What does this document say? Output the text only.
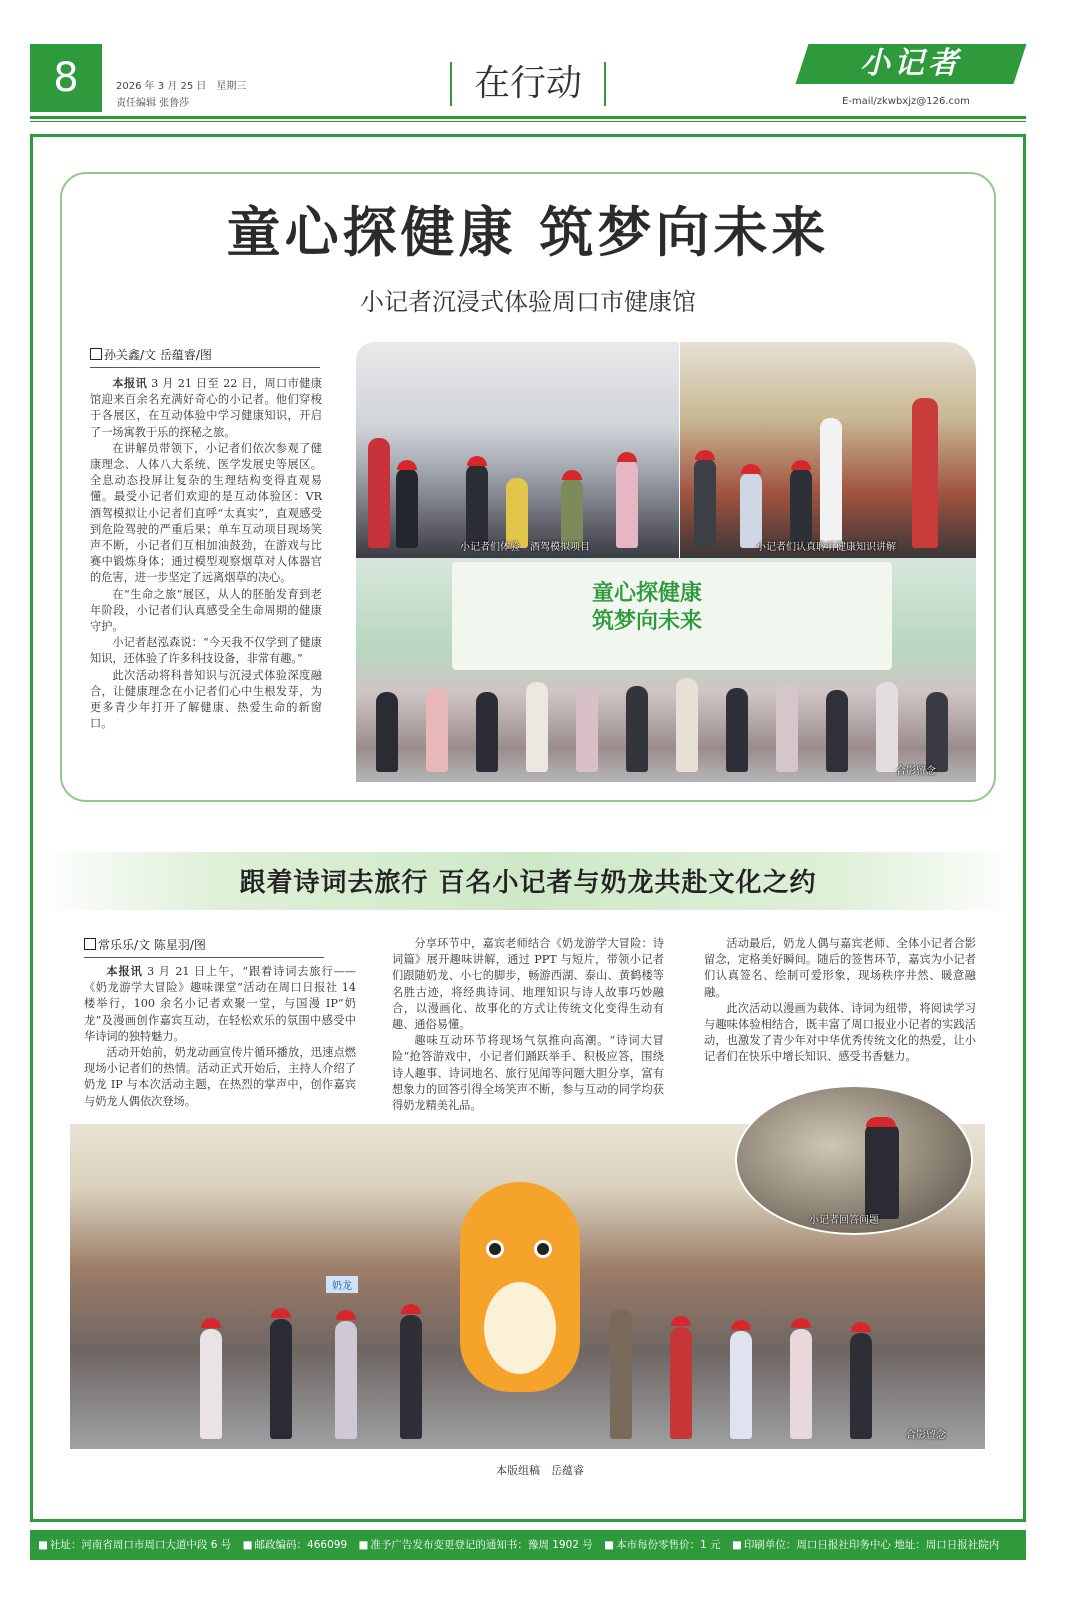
8	2026 年 3 月 25 日　星期三
责任编辑 张鲁莎	在行动	小记者
E-mail/zkwbxjz@126.com
童心探健康 筑梦向未来
小记者沉浸式体验周口市健康馆
孙关鑫/文 岳蕴睿/图

本报讯 3 月 21 日至 22 日，周口市健康馆迎来百余名充满好奇心的小记者。他们穿梭于各展区，在互动体验中学习健康知识，开启了一场寓教于乐的探秘之旅。

在讲解员带领下，小记者们依次参观了健康理念、人体八大系统、医学发展史等展区。全息动态投屏让复杂的生理结构变得直观易懂。最受小记者们欢迎的是互动体验区：VR 酒驾模拟让小记者们直呼“太真实”，直观感受到危险驾驶的严重后果；单车互动项目现场笑声不断，小记者们互相加油鼓劲，在游戏与比赛中锻炼身体；通过模型观察烟草对人体器官的危害，进一步坚定了远离烟草的决心。

在“生命之旅”展区，从人的胚胎发育到老年阶段，小记者们认真感受全生命周期的健康守护。

小记者赵泓森说：“今天我不仅学到了健康知识，还体验了许多科技设备，非常有趣。”

此次活动将科普知识与沉浸式体验深度融合，让健康理念在小记者们心中生根发芽，为更多青少年打开了解健康、热爱生命的新窗口。

小记者们体验　酒驾模拟项目	小记者们认真聆听健康知识讲解
童心探健康
筑梦向未来
合影留念
跟着诗词去旅行 百名小记者与奶龙共赴文化之约
常乐乐/文 陈星羽/图

本报讯 3 月 21 日上午，“跟着诗词去旅行——《奶龙游学大冒险》趣味课堂”活动在周口日报社 14 楼举行，100 余名小记者欢聚一堂，与国漫 IP“奶龙”及漫画创作嘉宾互动，在轻松欢乐的氛围中感受中华诗词的独特魅力。

活动开始前，奶龙动画宣传片循环播放，迅速点燃现场小记者们的热情。活动正式开始后，主持人介绍了奶龙 IP 与本次活动主题，在热烈的掌声中，创作嘉宾与奶龙人偶依次登场。

分享环节中，嘉宾老师结合《奶龙游学大冒险：诗词篇》展开趣味讲解，通过 PPT 与短片，带领小记者们跟随奶龙、小七的脚步，畅游西湖、泰山、黄鹤楼等名胜古迹，将经典诗词、地理知识与诗人故事巧妙融合，以漫画化、故事化的方式让传统文化变得生动有趣、通俗易懂。

趣味互动环节将现场气氛推向高潮。“诗词大冒险”抢答游戏中，小记者们踊跃举手、积极应答，围绕诗人趣事、诗词地名、旅行见闻等问题大胆分享，富有想象力的回答引得全场笑声不断，参与互动的同学均获得奶龙精美礼品。

活动最后，奶龙人偶与嘉宾老师、全体小记者合影留念，定格美好瞬间。随后的签售环节，嘉宾为小记者们认真签名、绘制可爱形象，现场秩序井然、暖意融融。

此次活动以漫画为载体、诗词为纽带，将阅读学习与趣味体验相结合，既丰富了周口报业小记者的实践活动，也激发了青少年对中华优秀传统文化的热爱，让小记者们在快乐中增长知识、感受书香魅力。

奶龙
合影留念
小记者回答问题
本版组稿　岳蕴睿
■ 社址：河南省周口市周口大道中段 6 号 ■ 邮政编码：466099 ■ 准予广告发布变更登记的通知书：豫周 1902 号 ■ 本市每份零售价：1 元 ■ 印刷单位：周口日报社印务中心 地址：周口日报社院内
